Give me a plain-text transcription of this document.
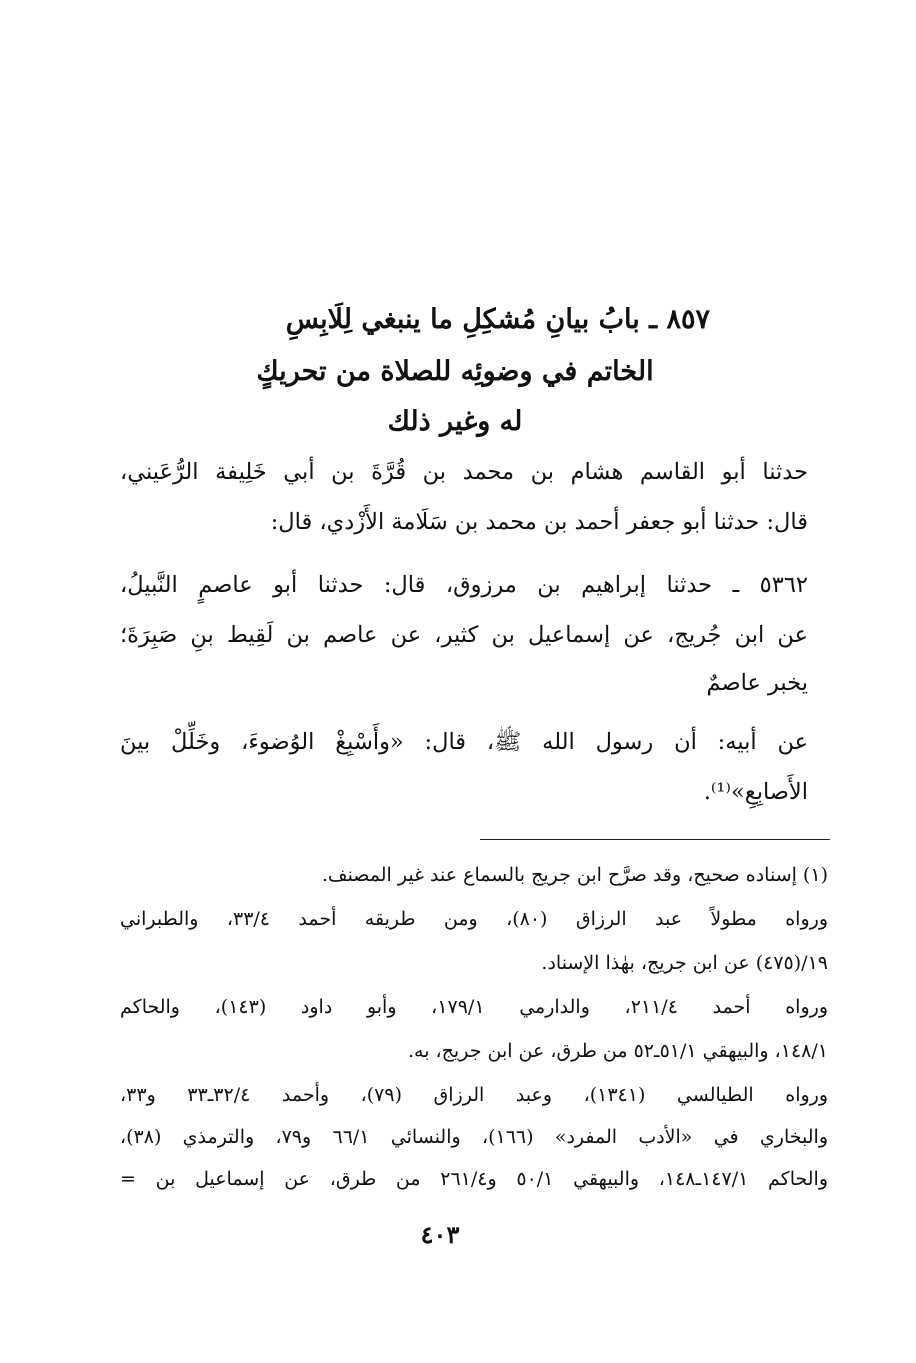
٨٥٧ ـ بابُ بيانِ مُشكِلِ ما ينبغي لِلَابِسِ
الخاتم في وضوئِه للصلاة من تحريكٍ
له وغير ذلك
حدثنا أبو القاسم هشام بن محمد بن قُرَّةَ بن أبي خَلِيفة الرُّعَيني،
قال: حدثنا أبو جعفر أحمد بن محمد بن سَلَامة الأَزْدي، قال:
٥٣٦٢ ـ حدثنا إبراهيم بن مرزوق، قال: حدثنا أبو عاصمٍ النَّبيلُ،
عن ابن جُريج، عن إسماعيل بن كثير، عن عاصم بن لَقِيط بنِ صَبِرَةَ؛
يخبر عاصمٌ
عن أبيه: أن رسول الله ﷺ، قال: «وأَسْبِغْ الوُضوءَ، وخَلِّلْ بينَ
الأَصابِعِ»⁽¹⁾.
(١) إسناده صحيح، وقد صرَّح ابن جريج بالسماع عند غير المصنف.
ورواه مطولاً عبد الرزاق (٨٠)، ومن طريقه أحمد ٣٣/٤، والطبراني
١٩/(٤٧٥) عن ابن جريج، بهٰذا الإسناد.
ورواه أحمد ٢١١/٤، والدارمي ١٧٩/١، وأبو داود (١٤٣)، والحاكم
١٤٨/١، والبيهقي ٥١/١ـ٥٢ من طرق، عن ابن جريج، به.
ورواه الطيالسي (١٣٤١)، وعبد الرزاق (٧٩)، وأحمد ٣٢/٤ـ٣٣ و٣٣،
والبخاري في «الأدب المفرد» (١٦٦)، والنسائي ٦٦/١ و٧٩، والترمذي (٣٨)،
والحاكم ١٤٧/١ـ١٤٨، والبيهقي ٥٠/١ و٢٦١/٤ من طرق، عن إسماعيل بن =
٤٠٣
